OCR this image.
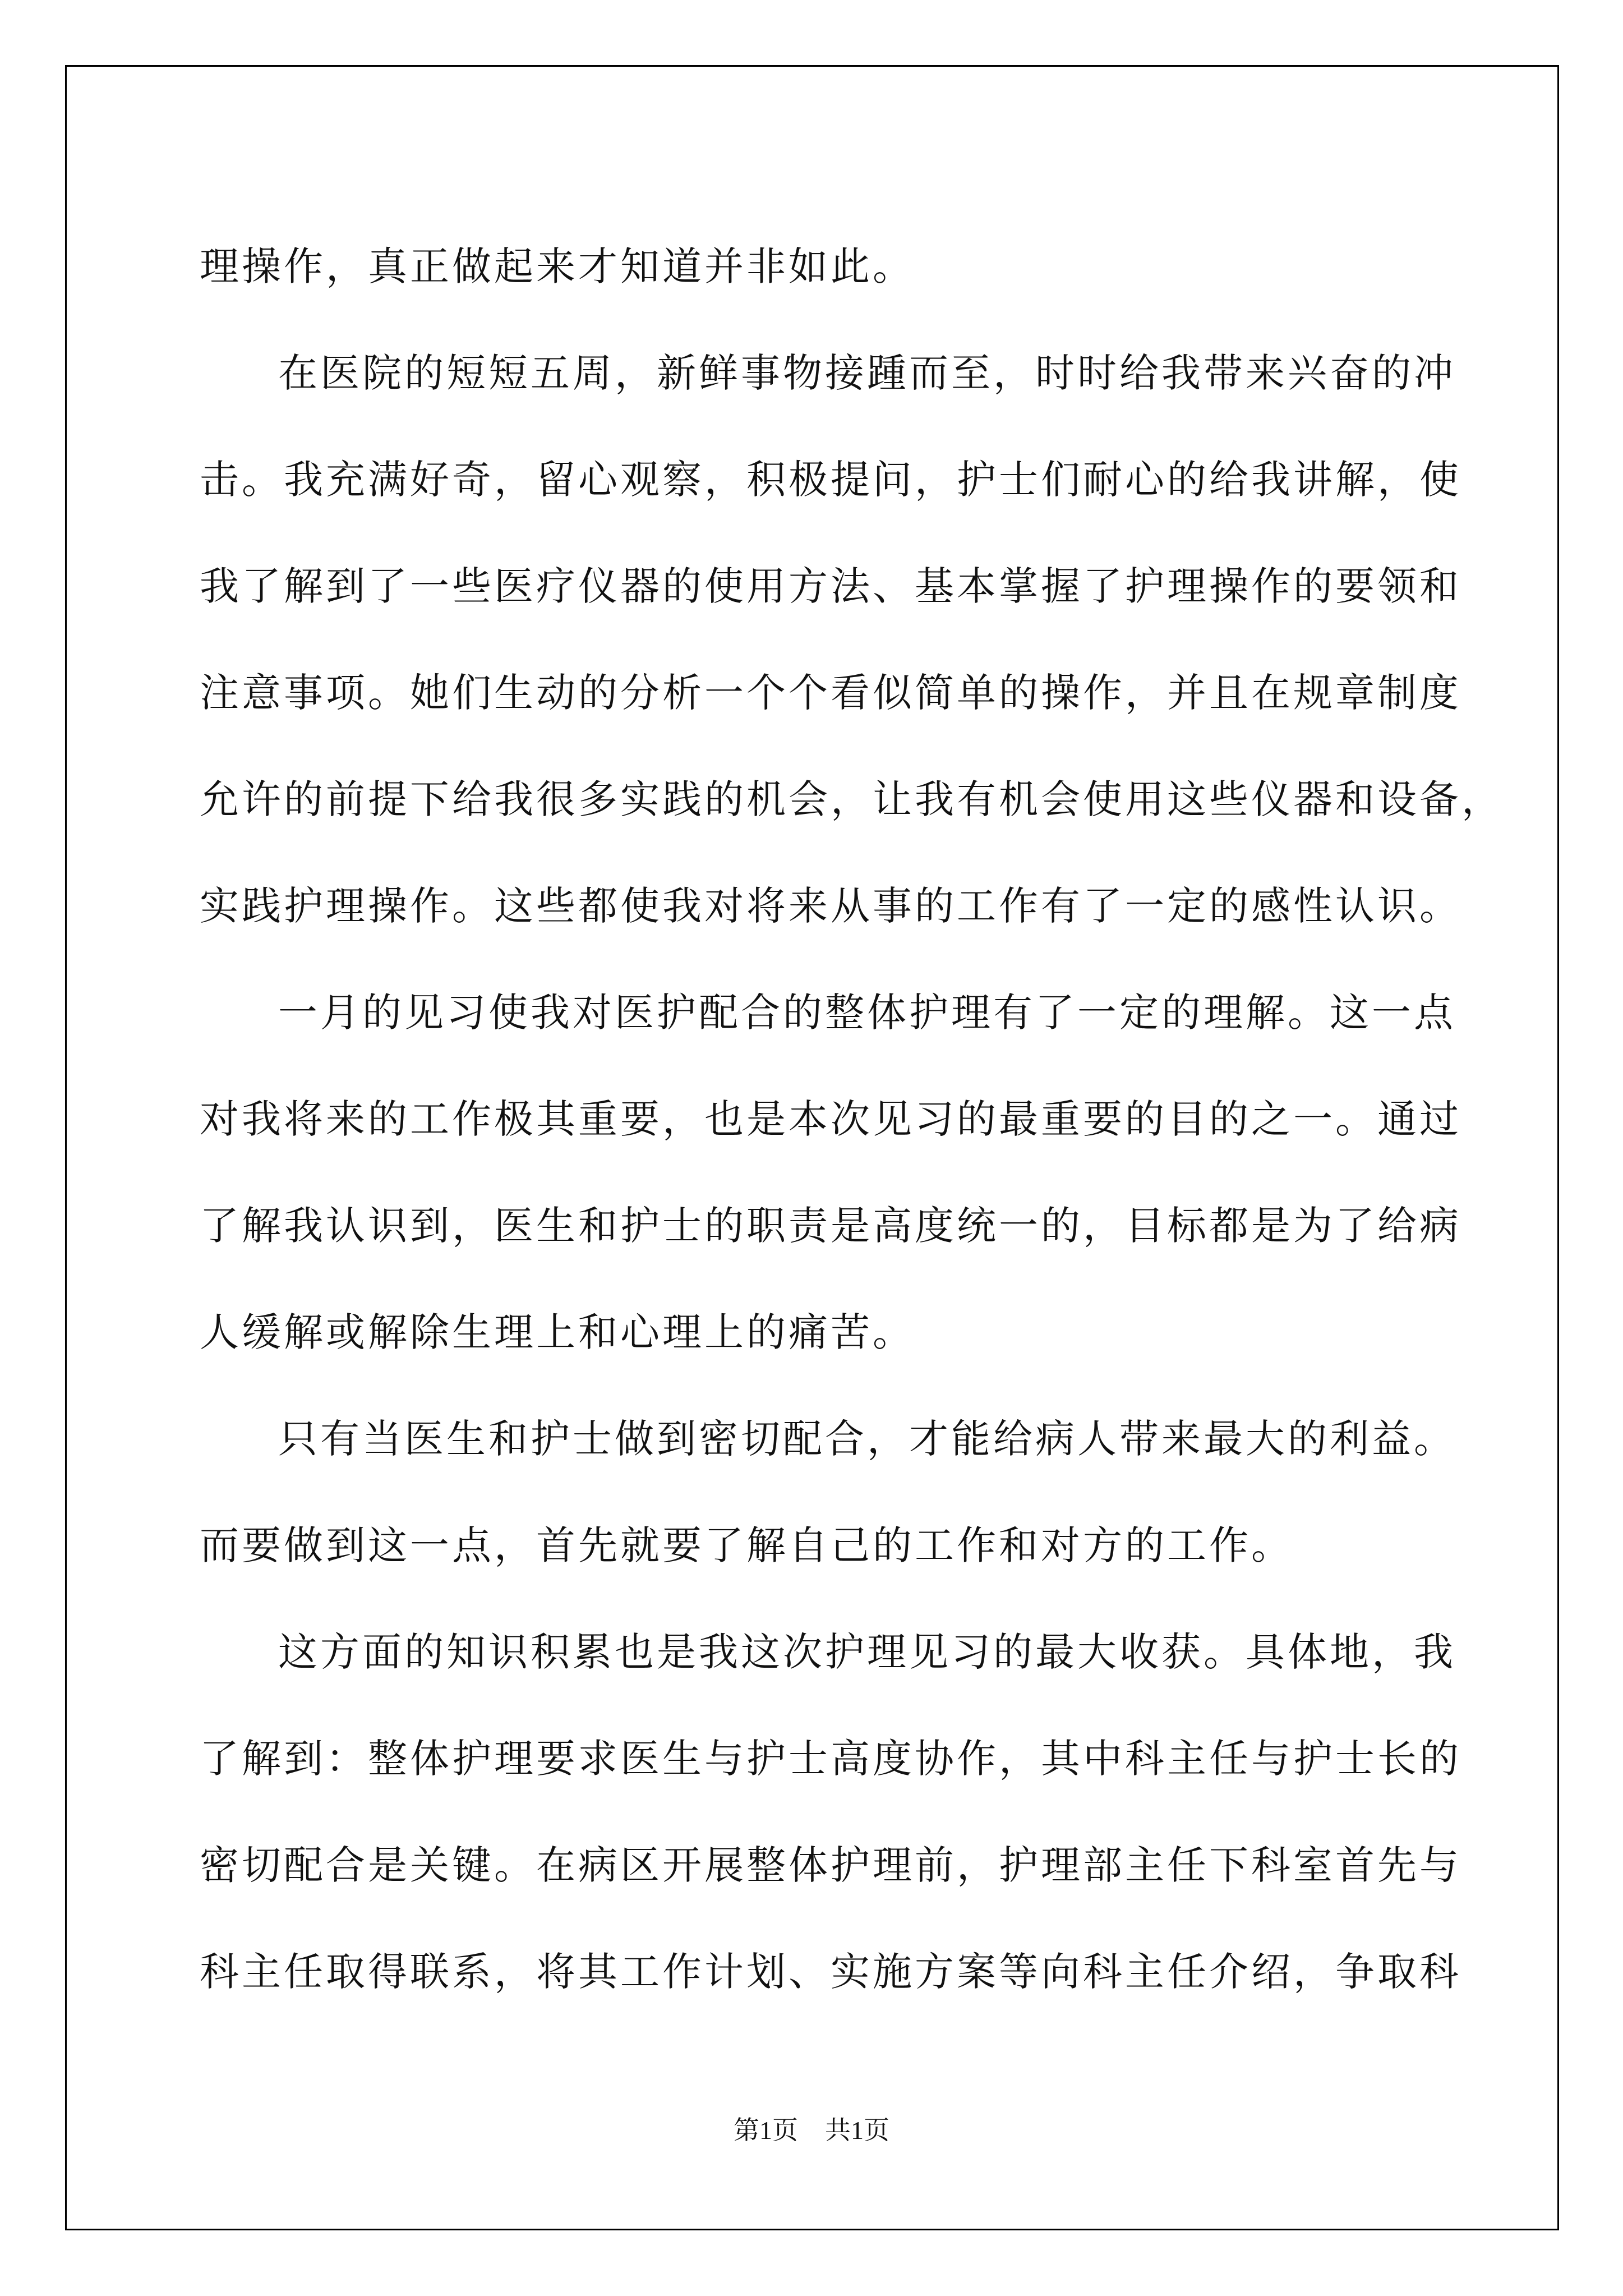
理操作，真正做起来才知道并非如此。
在医院的短短五周，新鲜事物接踵而至，时时给我带来兴奋的冲
击。我充满好奇，留心观察，积极提问，护士们耐心的给我讲解，使
我了解到了一些医疗仪器的使用方法、基本掌握了护理操作的要领和
注意事项。她们生动的分析一个个看似简单的操作，并且在规章制度
允许的前提下给我很多实践的机会，让我有机会使用这些仪器和设备，
实践护理操作。这些都使我对将来从事的工作有了一定的感性认识。
一月的见习使我对医护配合的整体护理有了一定的理解。这一点
对我将来的工作极其重要，也是本次见习的最重要的目的之一。通过
了解我认识到，医生和护士的职责是高度统一的，目标都是为了给病
人缓解或解除生理上和心理上的痛苦。
只有当医生和护士做到密切配合，才能给病人带来最大的利益。
而要做到这一点，首先就要了解自己的工作和对方的工作。
这方面的知识积累也是我这次护理见习的最大收获。具体地，我
了解到：整体护理要求医生与护士高度协作，其中科主任与护士长的
密切配合是关键。在病区开展整体护理前，护理部主任下科室首先与
科主任取得联系，将其工作计划、实施方案等向科主任介绍，争取科
第1页 共1页
